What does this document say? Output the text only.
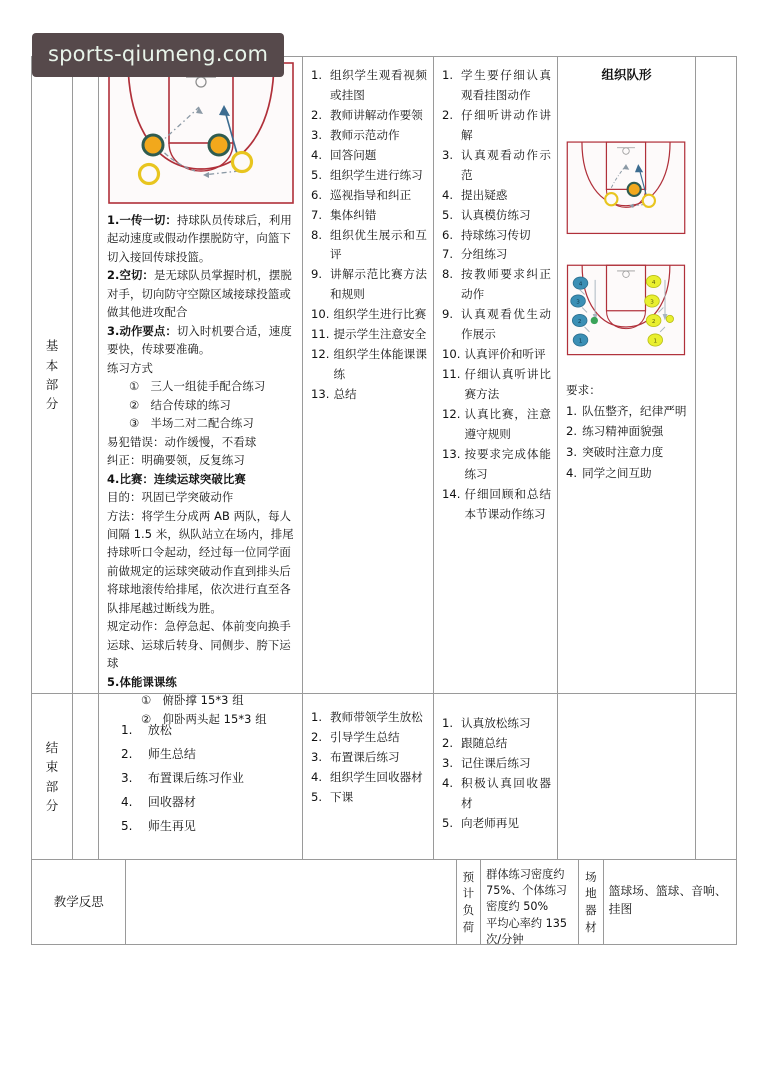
sports-qiumeng.com
基
本
部
分
1.一传一切：持球队员传球后，利用起动速度或假动作摆脱防守，向篮下切入接回传球投篮。
2.空切：是无球队员掌握时机，摆脱对手，切向防守空隙区域接球投篮或做其他进攻配合
3.动作要点：切入时机要合适，速度要快，传球要准确。
练习方式
① 三人一组徒手配合练习
② 结合传球的练习
③ 半场二对二配合练习
易犯错误：动作缓慢，不看球
纠正：明确要领，反复练习
4.比赛：连续运球突破比赛
目的：巩固已学突破动作
方法：将学生分成两 AB 两队，每人间隔 1.5 米，纵队站立在场内，排尾持球听口令起动，经过每一位同学面前做规定的运球突破动作直到排头后将球地滚传给排尾，依次进行直至各队排尾越过断线为胜。
规定动作：急停急起、体前变向换手运球、运球后转身、同侧步、胯下运球
5.体能课课练
① 俯卧撑 15*3 组
② 仰卧两头起 15*3 组
1. 组织学生观看视频或挂图
2. 教师讲解动作要领
3. 教师示范动作
4. 回答问题
5. 组织学生进行练习
6. 巡视指导和纠正
7. 集体纠错
8. 组织优生展示和互评
9. 讲解示范比赛方法和规则
10. 组织学生进行比赛
11. 提示学生注意安全
12. 组织学生体能课课练
13. 总结
1. 学生要仔细认真观看挂图动作
2. 仔细听讲动作讲解
3. 认真观看动作示范
4. 提出疑惑
5. 认真模仿练习
6. 持球练习传切
7. 分组练习
8. 按教师要求纠正动作
9. 认真观看优生动作展示
10. 认真评价和听评
11. 仔细认真听讲比赛方法
12. 认真比赛，注意遵守规则
13. 按要求完成体能练习
14. 仔细回顾和总结本节课动作练习
组织队形
4
3
2
1
4
3
2
1
要求：
1. 队伍整齐，纪律严明
2. 练习精神面貌强
3. 突破时注意力度
4. 同学之间互助
结
束
部
分
1.
放松
2.
师生总结
3.
布置课后练习作业
4.
回收器材
5.
师生再见
1. 教师带领学生放松
2. 引导学生总结
3. 布置课后练习
4. 组织学生回收器材
5. 下课
1. 认真放松练习
2. 跟随总结
3. 记住课后练习
4. 积极认真回收器材
5. 向老师再见
教学反思
预
计
负
荷
群体练习密度约 75%、个体练习密度约 50%
平均心率约 135 次/分钟
场
地
器
材
篮球场、篮球、音响、挂图
